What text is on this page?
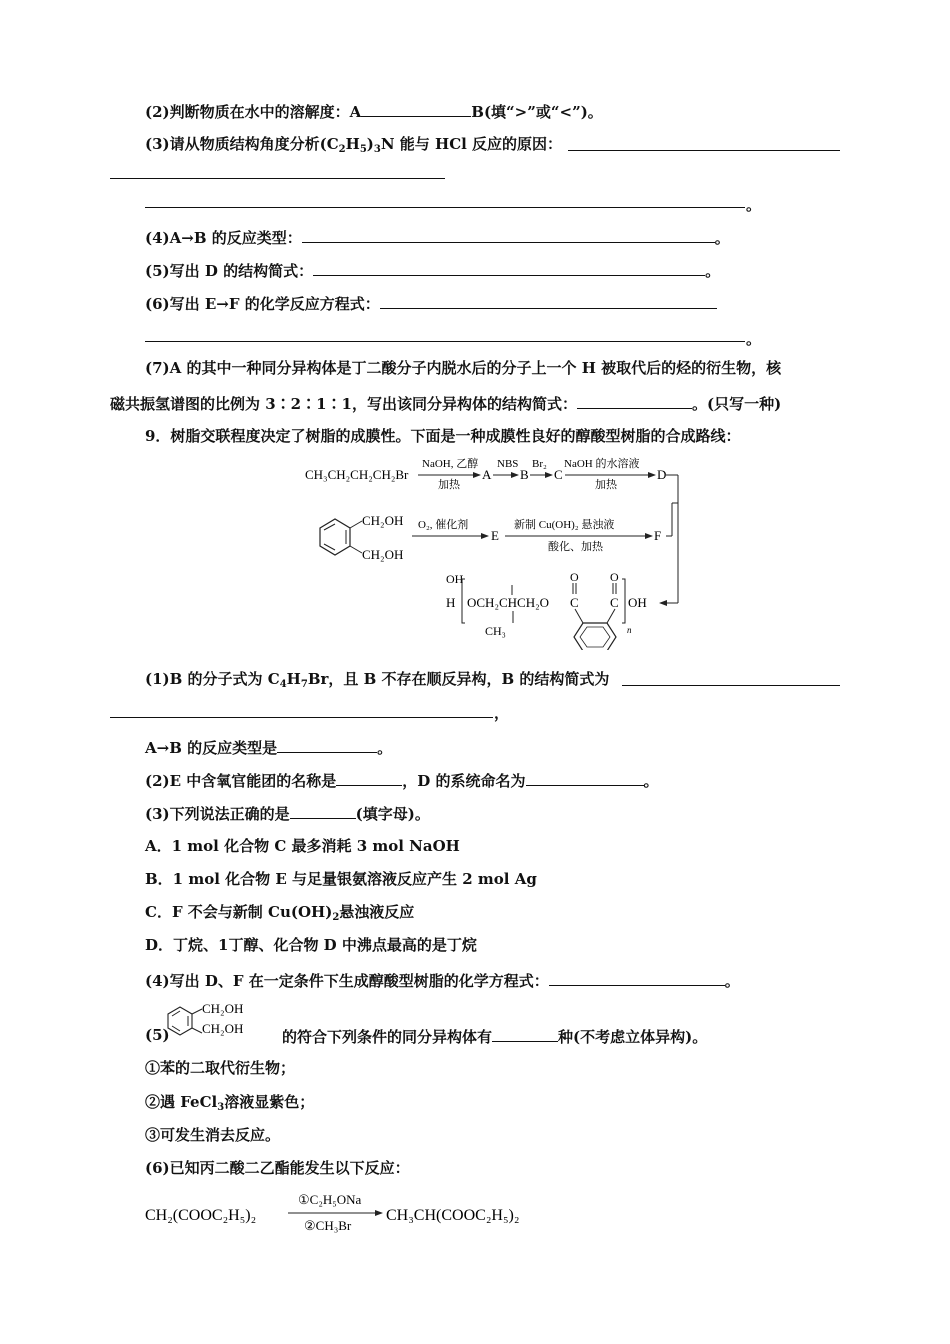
(2)判断物质在水中的溶解度：A	B(填“>”或“<”)。
(3)请从物质结构角度分析$(C_2H_5)_3N$ 能与 HCl 反应的原因：
。
(4)A→B 的反应类型：	。
(5)写出 D 的结构简式：	。
(6)写出 E→F 的化学反应方程式：
。
(7)A 的其中一种同分异构体是丁二酸分子内脱水后的分子上一个 H 被取代后的烃的衍生物，核
磁共振氢谱图的比例为 3∶2∶1∶1，写出该同分异构体的结构简式：	。(只写一种)
9．树脂交联程度决定了树脂的成膜性。下面是一种成膜性良好的醇酸型树脂的合成路线：
CH₃CH₂CH₂CH₂Br
NaOH, 乙醇
加热
A
NBS
B
Br₂
C
NaOH 的水溶液
加热
D
CH₂OH
CH₂OH
O₂, 催化剂
E
新制 Cu(OH)₂ 悬浊液
酸化、加热
F
OH
H OCH₂CHCH₂O
CH₃
O
C
O
C OH
n
(1)B 的分子式为 $C_4H_7Br$，且 B 不存在顺反异构，B 的结构简式为
，
A→B 的反应类型是	。
(2)E 中含氧官能团的名称是	，D 的系统命名为	。
(3)下列说法正确的是	(填字母)。
A．1 mol 化合物 C 最多消耗 3 mol NaOH
B．1 mol 化合物 E 与足量银氨溶液反应产生 2 mol Ag
C．F 不会与新制 $Cu(OH)_2$悬浊液反应
D．丁烷、1丁醇、化合物 D 中沸点最高的是丁烷
(4)写出 D、F 在一定条件下生成醇酸型树脂的化学方程式：	。
(5)
CH₂OH
CH₂OH	的符合下列条件的同分异构体有	种(不考虑立体异构)。
①苯的二取代衍生物；
②遇 FeCl$_3$溶液显紫色；
③可发生消去反应。
(6)已知丙二酸二乙酯能发生以下反应：
CH₂(COOC₂H₅)₂
①C₂H₅ONa
②CH₃Br
CH₃CH(COOC₂H₅)₂
